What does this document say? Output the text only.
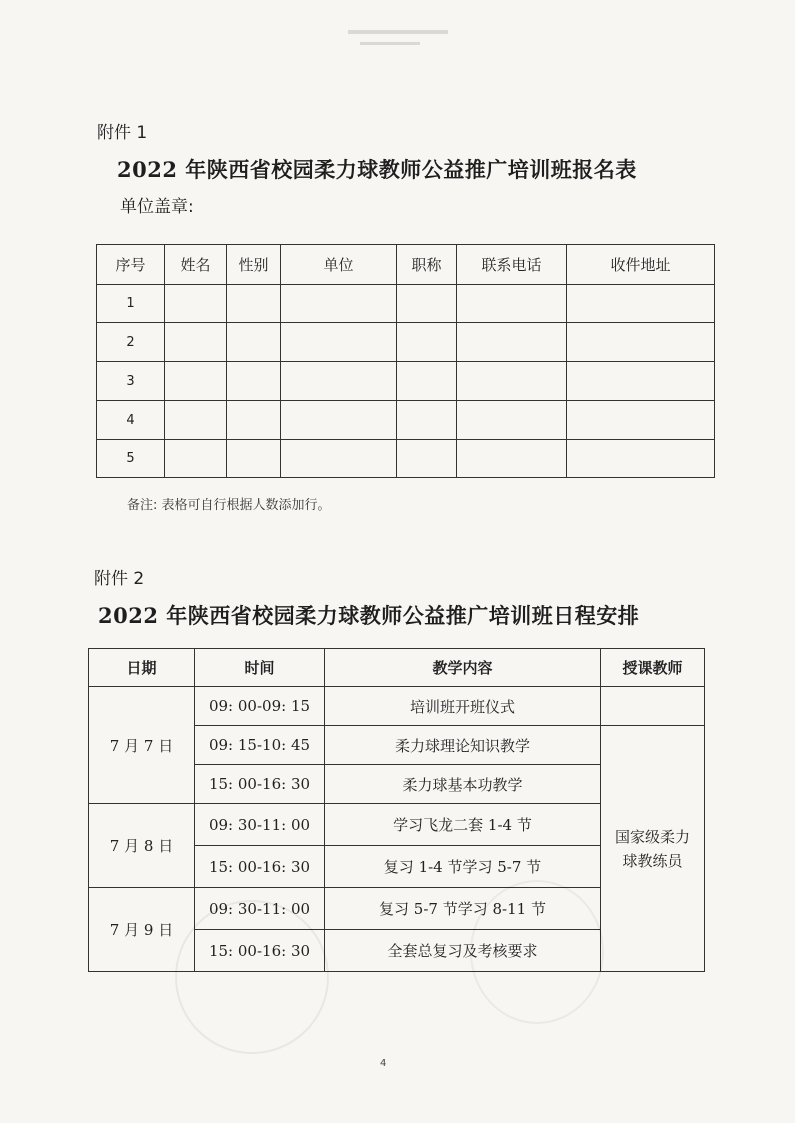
附件 1
2022 年陕西省校园柔力球教师公益推广培训班报名表
单位盖章:
序号	姓名	性别	单位	职称	联系电话	收件地址
1						
2						
3						
4						
5						
备注: 表格可自行根据人数添加行。
附件 2
2022 年陕西省校园柔力球教师公益推广培训班日程安排
日期	时间	教学内容	授课教师
7 月 7 日	09: 00-09: 15	培训班开班仪式	
	09: 15-10: 45	柔力球理论知识教学	国家级柔力球教练员
	15: 00-16: 30	柔力球基本功教学	
7 月 8 日	09: 30-11: 00	学习飞龙二套 1-4 节	
	15: 00-16: 30	复习 1-4 节学习 5-7 节	
7 月 9 日	09: 30-11: 00	复习 5-7 节学习 8-11 节	
	15: 00-16: 30	全套总复习及考核要求	
4
